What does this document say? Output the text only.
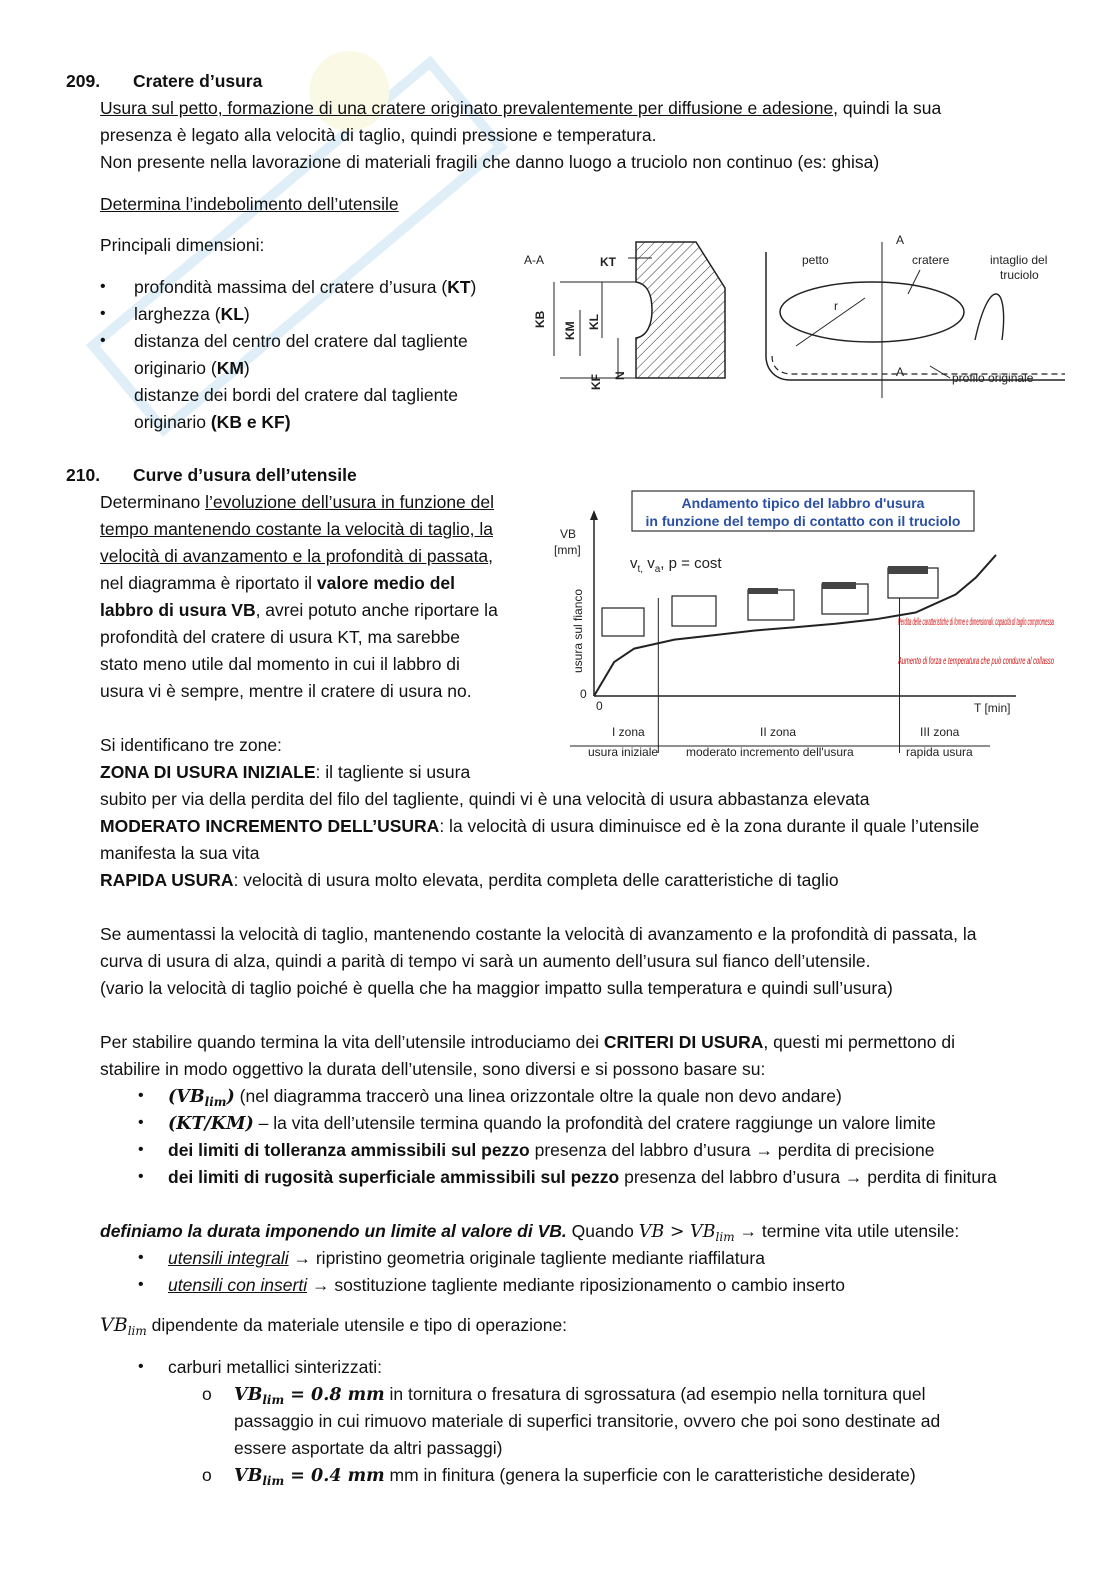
209. Cratere d’usura
Usura sul petto, formazione di una cratere originato prevalentemente per diffusione e adesione, quindi la sua
presenza è legato alla velocità di taglio, quindi pressione e temperatura.
Non presente nella lavorazione di materiali fragili che danno luogo a truciolo non continuo (es: ghisa)
Determina l’indebolimento dell’utensile
Principali dimensioni:
• profondità massima del cratere d’usura (KT)
• larghezza (KL)
• distanza del centro del cratere dal tagliente
originario (KM)
distanze dei bordi del cratere dal tagliente
originario (KB e KF)
A-A	KT
KB
KM KL
KF N
r
A
A
petto	cratere	intaglio del
truciolo
profilo originale
210. Curve d’usura dell’utensile
Determinano l’evoluzione dell’usura in funzione del
tempo mantenendo costante la velocità di taglio, la
velocità di avanzamento e la profondità di passata,
nel diagramma è riportato il valore medio del
labbro di usura VB, avrei potuto anche riportare la
profondità del cratere di usura KT, ma sarebbe
stato meno utile dal momento in cui il labbro di
usura vi è sempre, mentre il cratere di usura no.
Andamento tipico del labbro d'usura
in funzione del tempo di contatto con il truciolo
VB
[mm]
usura sul fianco
$v_{t,}$ $v_a$, p = cost
0
0	T [min]
I zona
usura iniziale
II zona
moderato incremento dell'usura
III zona
rapida usura
Perdita delle caratteristiche di forme e dimensionali: capacità di taglio compromessa
Aumento di forza e temperatura che può condurre al collasso
Si identificano tre zone:
ZONA DI USURA INIZIALE: il tagliente si usura
subito per via della perdita del filo del tagliente, quindi vi è una velocità di usura abbastanza elevata
MODERATO INCREMENTO DELL’USURA: la velocità di usura diminuisce ed è la zona durante il quale l’utensile
manifesta la sua vita
RAPIDA USURA: velocità di usura molto elevata, perdita completa delle caratteristiche di taglio
Se aumentassi la velocità di taglio, mantenendo costante la velocità di avanzamento e la profondità di passata, la
curva di usura di alza, quindi a parità di tempo vi sarà un aumento dell’usura sul fianco dell’utensile.
(vario la velocità di taglio poiché è quella che ha maggior impatto sulla temperatura e quindi sull’usura)
Per stabilire quando termina la vita dell’utensile introduciamo dei CRITERI DI USURA, questi mi permettono di
stabilire in modo oggettivo la durata dell’utensile, sono diversi e si possono basare su:
• $(VB_{lim})$ (nel diagramma traccerò una linea orizzontale oltre la quale non devo andare)
• (KT/KM) – la vita dell’utensile termina quando la profondità del cratere raggiunge un valore limite
• dei limiti di tolleranza ammissibili sul pezzo presenza del labbro d’usura → perdita di precisione
• dei limiti di rugosità superficiale ammissibili sul pezzo presenza del labbro d’usura → perdita di finitura
definiamo la durata imponendo un limite al valore di VB. Quando VB > $VB_{lim} \to termine$ vita utile utensile:
• utensili integrali → ripristino geometria originale tagliente mediante riaffilatura
• utensili con inserti → sostituzione tagliente mediante riposizionamento o cambio inserto
$VB_{lim}$ dipendente da materiale utensile e tipo di operazione:
• carburi metallici sinterizzati:
o $VB_{lim} = 0.8$ mm in tornitura o fresatura di sgrossatura (ad esempio nella tornitura quel
passaggio in cui rimuovo materiale di superfici transitorie, ovvero che poi sono destinate ad
essere asportate da altri passaggi)
o $VB_{lim} = 0.4$ mm mm in finitura (genera la superficie con le caratteristiche desiderate)
